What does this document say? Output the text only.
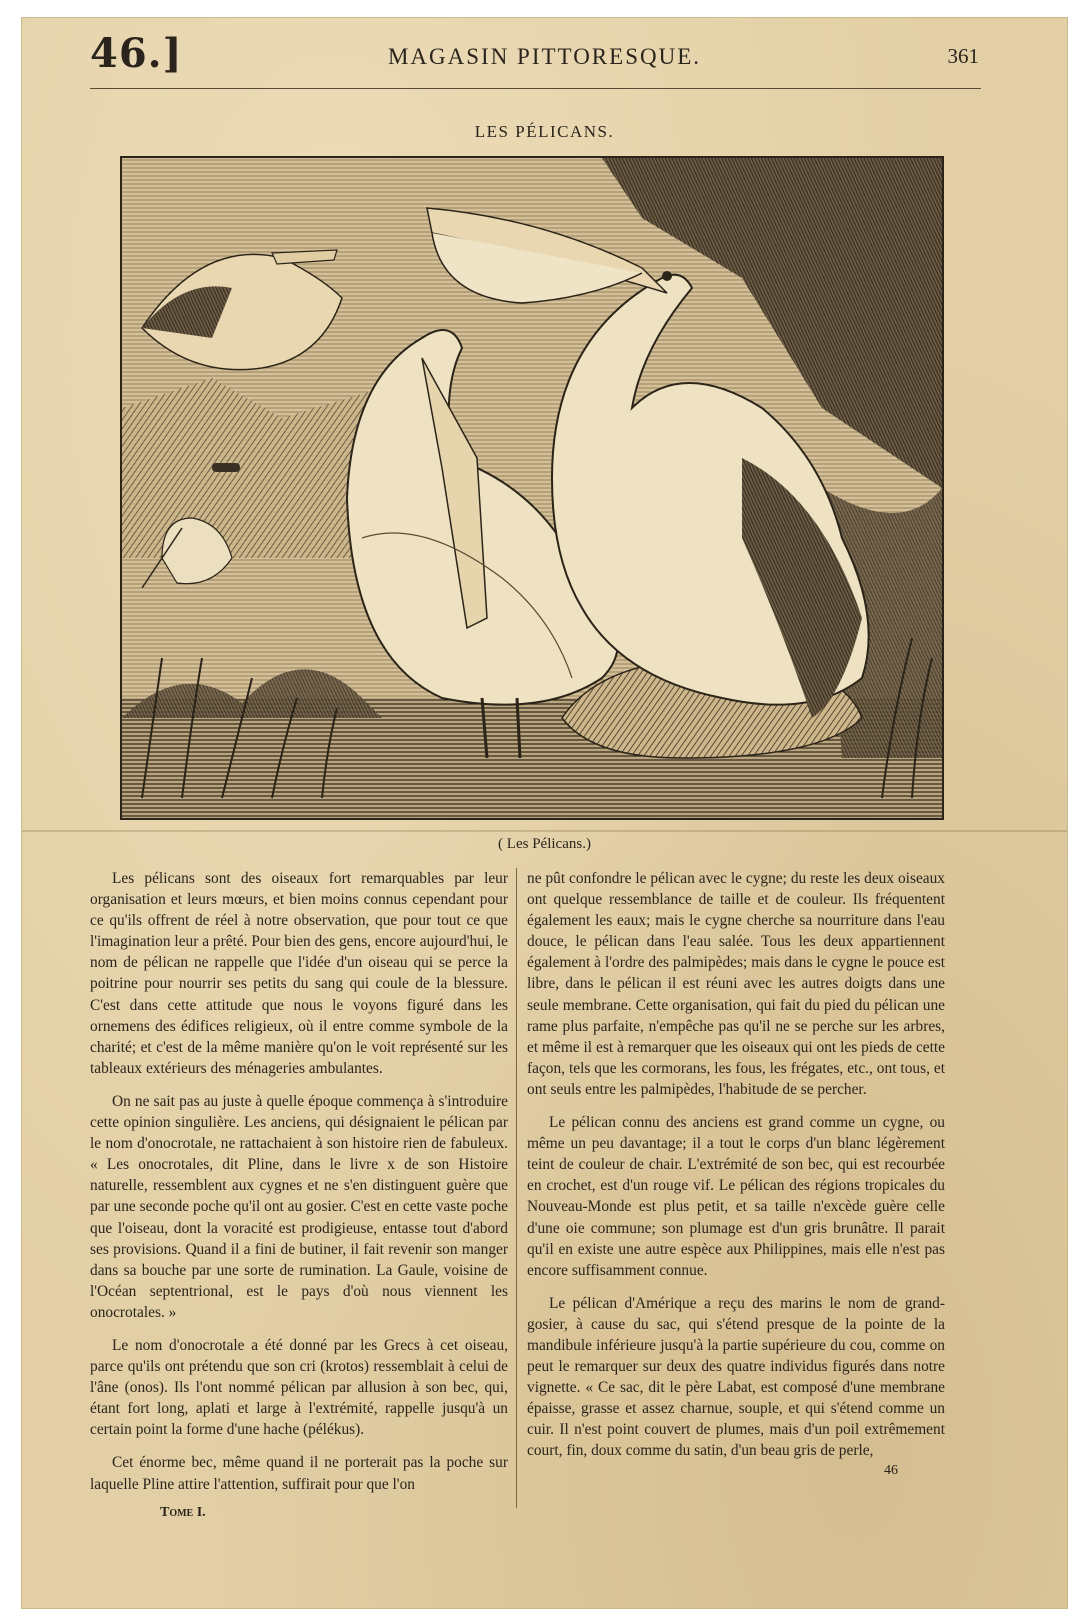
46.]	MAGASIN PITTORESQUE.	361
LES PÉLICANS.
( Les Pélicans.)

Les pélicans sont des oiseaux fort remarquables par leur organisation et leurs mœurs, et bien moins connus cependant pour ce qu'ils offrent de réel à notre observation, que pour tout ce que l'imagination leur a prêté. Pour bien des gens, encore aujourd'hui, le nom de pélican ne rappelle que l'idée d'un oiseau qui se perce la poitrine pour nourrir ses petits du sang qui coule de la blessure. C'est dans cette attitude que nous le voyons figuré dans les ornemens des édifices religieux, où il entre comme symbole de la charité; et c'est de la même manière qu'on le voit représenté sur les tableaux extérieurs des ménageries ambulantes.

On ne sait pas au juste à quelle époque commença à s'introduire cette opinion singulière. Les anciens, qui désignaient le pélican par le nom d'onocrotale, ne rattachaient à son histoire rien de fabuleux. « Les onocrotales, dit Pline, dans le livre x de son Histoire naturelle, ressemblent aux cygnes et ne s'en distinguent guère que par une seconde poche qu'il ont au gosier. C'est en cette vaste poche que l'oiseau, dont la voracité est prodigieuse, entasse tout d'abord ses provisions. Quand il a fini de butiner, il fait revenir son manger dans sa bouche par une sorte de rumination. La Gaule, voisine de l'Océan septentrional, est le pays d'où nous viennent les onocrotales. »

Le nom d'onocrotale a été donné par les Grecs à cet oiseau, parce qu'ils ont prétendu que son cri (krotos) ressemblait à celui de l'âne (onos). Ils l'ont nommé pélican par allusion à son bec, qui, étant fort long, aplati et large à l'extrémité, rappelle jusqu'à un certain point la forme d'une hache (pélékus).

Cet énorme bec, même quand il ne porterait pas la poche sur laquelle Pline attire l'attention, suffirait pour que l'on

ne pût confondre le pélican avec le cygne; du reste les deux oiseaux ont quelque ressemblance de taille et de couleur. Ils fréquentent également les eaux; mais le cygne cherche sa nourriture dans l'eau douce, le pélican dans l'eau salée. Tous les deux appartiennent également à l'ordre des palmipèdes; mais dans le cygne le pouce est libre, dans le pélican il est réuni avec les autres doigts dans une seule membrane. Cette organisation, qui fait du pied du pélican une rame plus parfaite, n'empêche pas qu'il ne se perche sur les arbres, et même il est à remarquer que les oiseaux qui ont les pieds de cette façon, tels que les cormorans, les fous, les frégates, etc., ont tous, et ont seuls entre les palmipèdes, l'habitude de se percher.

Le pélican connu des anciens est grand comme un cygne, ou même un peu davantage; il a tout le corps d'un blanc légèrement teint de couleur de chair. L'extrémité de son bec, qui est recourbée en crochet, est d'un rouge vif. Le pélican des régions tropicales du Nouveau-Monde est plus petit, et sa taille n'excède guère celle d'une oie commune; son plumage est d'un gris brunâtre. Il parait qu'il en existe une autre espèce aux Philippines, mais elle n'est pas encore suffisamment connue.

Le pélican d'Amérique a reçu des marins le nom de grand-gosier, à cause du sac, qui s'étend presque de la pointe de la mandibule inférieure jusqu'à la partie supérieure du cou, comme on peut le remarquer sur deux des quatre individus figurés dans notre vignette. « Ce sac, dit le père Labat, est composé d'une membrane épaisse, grasse et assez charnue, souple, et qui s'étend comme un cuir. Il n'est point couvert de plumes, mais d'un poil extrêmement court, fin, doux comme du satin, d'un beau gris de perle,

Tome I.
46
